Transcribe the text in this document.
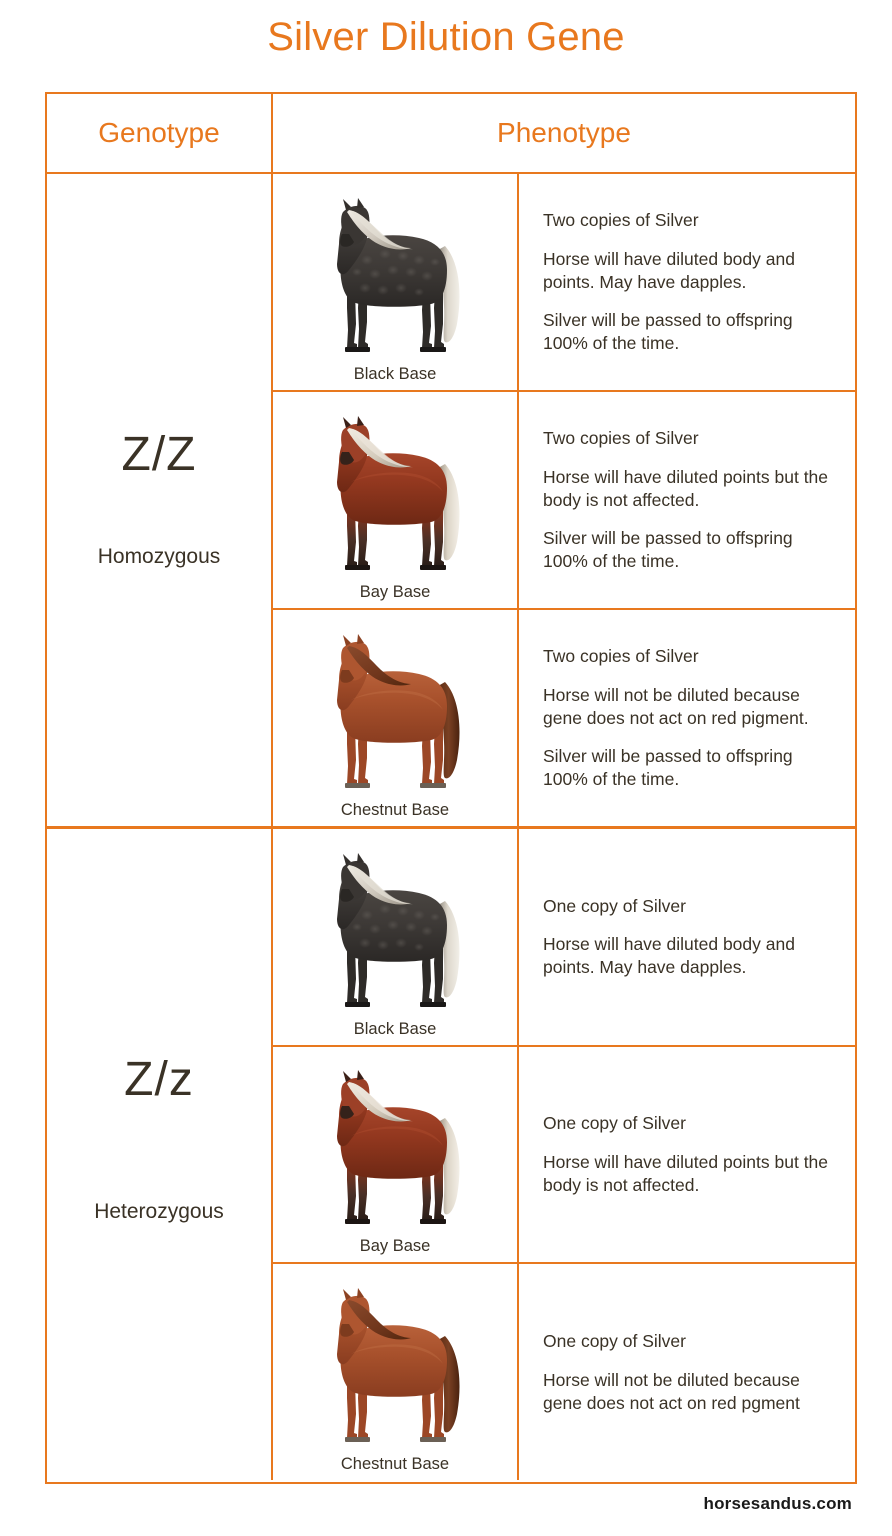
Silver Dilution Gene
Genotype	Phenotype
Z/Z
Homozygous
Black Base

Two copies of Silver

Horse will have diluted body and points. May have dapples.

Silver will be passed to offspring 100% of the time.

Bay Base

Two copies of Silver

Horse will have diluted points but the body is not affected.

Silver will be passed to offspring 100% of the time.

Chestnut Base

Two copies of Silver

Horse will not be diluted because gene does not act on red pigment.

Silver will be passed to offspring 100% of the time.

Z/z
Heterozygous
Black Base

One copy of Silver

Horse will have diluted body and points. May have dapples.

Bay Base

One copy of Silver

Horse will have diluted points but the body is not affected.

Chestnut Base

One copy of Silver

Horse will not be diluted because gene does not act on red pgment

horsesandus.com
